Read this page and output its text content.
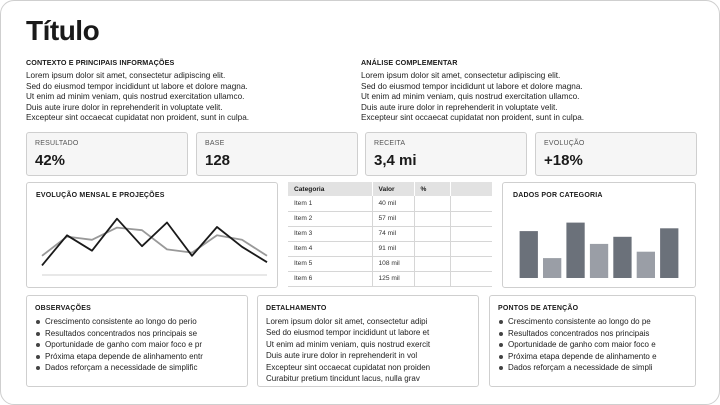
Título
CONTEXTO E PRINCIPAIS INFORMAÇÕES

Lorem ipsum dolor sit amet, consectetur adipiscing elit.
Sed do eiusmod tempor incididunt ut labore et dolore magna.
Ut enim ad minim veniam, quis nostrud exercitation ullamco.
Duis aute irure dolor in reprehenderit in voluptate velit.
Excepteur sint occaecat cupidatat non proident, sunt in culpa.

ANÁLISE COMPLEMENTAR

Lorem ipsum dolor sit amet, consectetur adipiscing elit.
Sed do eiusmod tempor incididunt ut labore et dolore magna.
Ut enim ad minim veniam, quis nostrud exercitation ullamco.
Duis aute irure dolor in reprehenderit in voluptate velit.
Excepteur sint occaecat cupidatat non proident, sunt in culpa.

RESULTADO
42%
BASE
128
RECEITA
3,4 mi
EVOLUÇÃO
+18%
EVOLUÇÃO MENSAL E PROJEÇÕES
Categoria	Valor	%	
Item 1	40 mil		
Item 2	57 mil		
Item 3	74 mil		
Item 4	91 mil		
Item 5	108 mil		
Item 6	125 mil		
DADOS POR CATEGORIA
OBSERVAÇÕES
Crescimento consistente ao longo do perio
Resultados concentrados nos principais se
Oportunidade de ganho com maior foco e pr
Próxima etapa depende de alinhamento entr
Dados reforçam a necessidade de simplific
DETALHAMENTO
Lorem ipsum dolor sit amet, consectetur adipi
Sed do eiusmod tempor incididunt ut labore et
Ut enim ad minim veniam, quis nostrud exercit
Duis aute irure dolor in reprehenderit in vol
Excepteur sint occaecat cupidatat non proiden
Curabitur pretium tincidunt lacus, nulla grav
PONTOS DE ATENÇÃO
Crescimento consistente ao longo do pe
Resultados concentrados nos principais
Oportunidade de ganho com maior foco e
Próxima etapa depende de alinhamento e
Dados reforçam a necessidade de simpli
